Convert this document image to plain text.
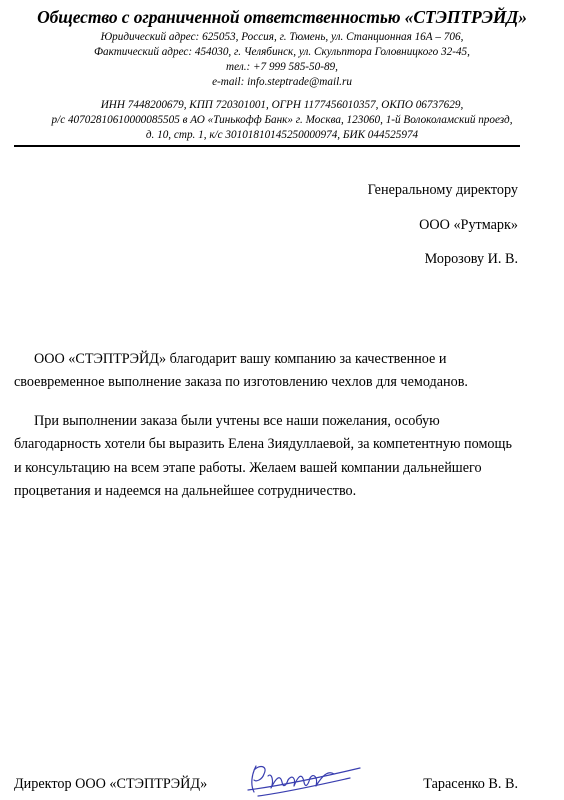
Общество с ограниченной ответственностью «СТЭПТРЭЙД»
Юридический адрес: 625053, Россия, г. Тюмень, ул. Станционная 16А – 706,
Фактический адрес: 454030, г. Челябинск, ул. Скульптора Головницкого 32-45,
тел.: +7 999 585-50-89,
e-mail: info.steptrade@mail.ru
ИНН 7448200679, КПП 720301001, ОГРН 1177456010357, ОКПО 06737629,
р/с 40702810610000085505 в АО «Тинькофф Банк» г. Москва, 123060, 1-й Волоколамский проезд,
д. 10, стр. 1, к/с 30101810145250000974, БИК 044525974
Генеральному директору
ООО «Рутмарк»
Морозову И. В.
ООО «СТЭПТРЭЙД» благодарит вашу компанию за качественное и своевременное выполнение заказа по изготовлению чехлов для чемоданов.
При выполнении заказа были учтены все наши пожелания, особую благодарность хотели бы выразить Елена Зиядуллаевой, за компетентную помощь и консультацию на всем этапе работы. Желаем вашей компании дальнейшего процветания и надеемся на дальнейшее сотрудничество.
Директор ООО «СТЭПТРЭЙД»	Тарасенко В. В.
